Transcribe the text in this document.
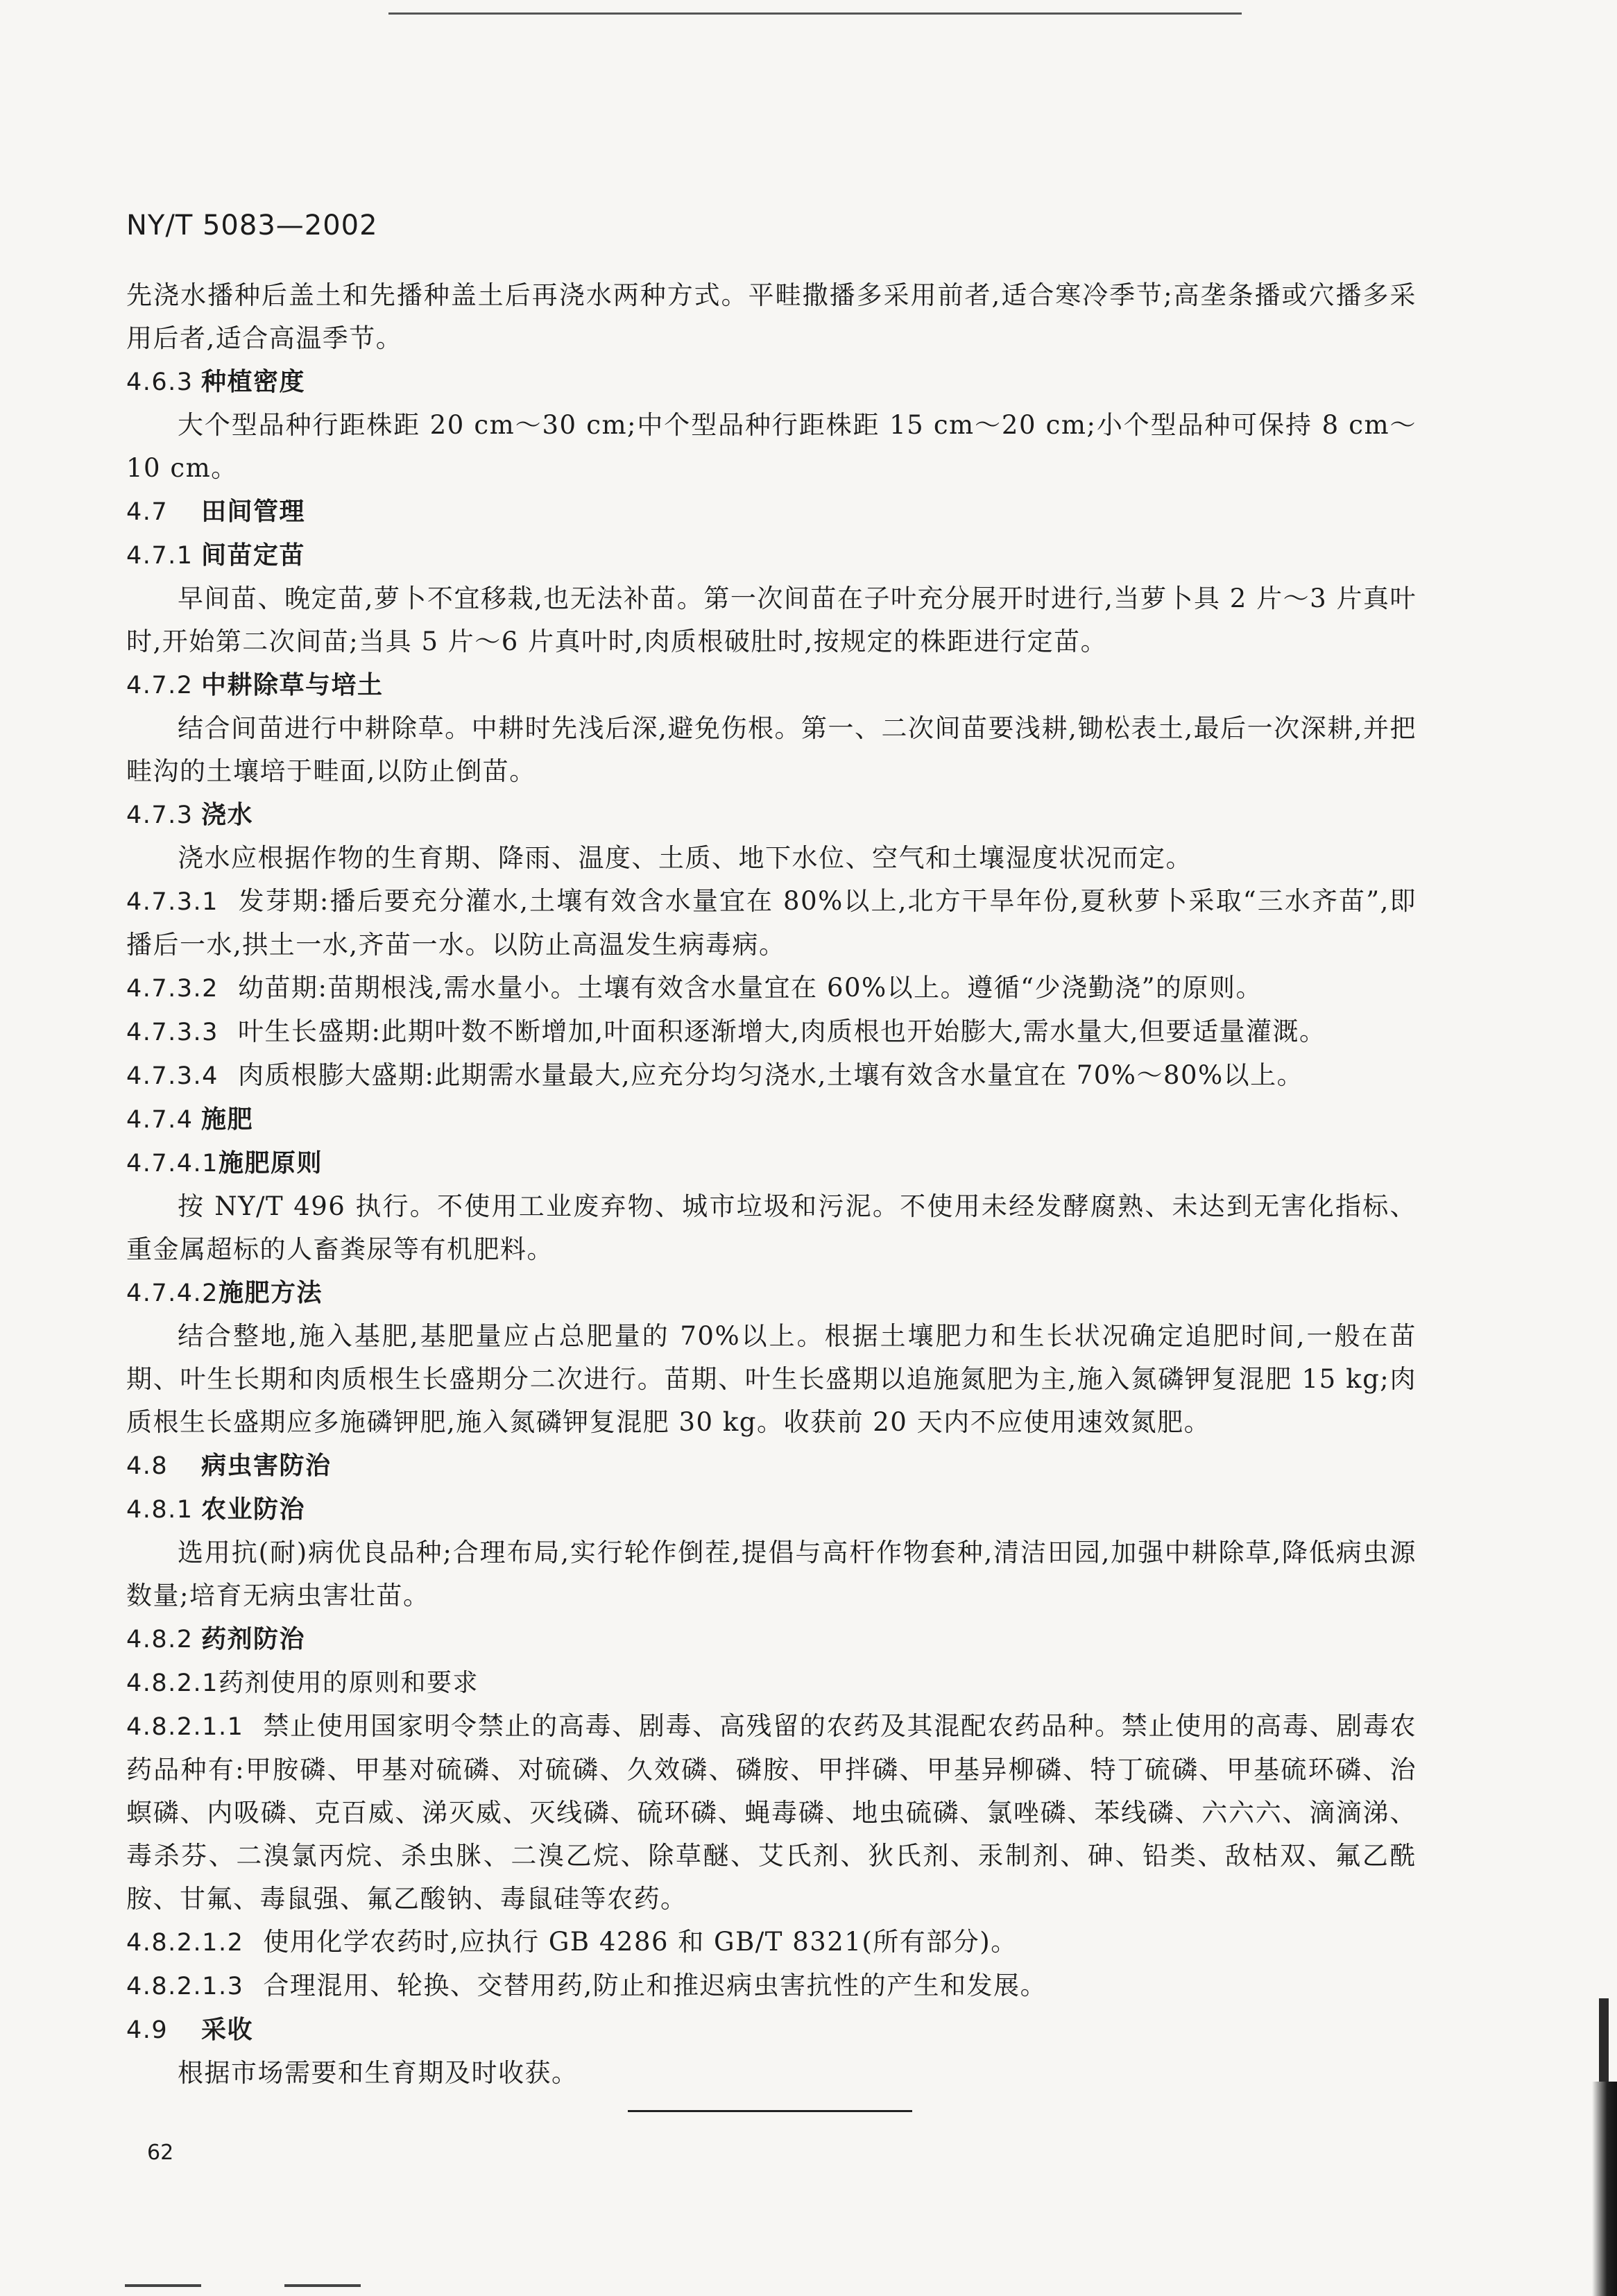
NY/T 5083—2002

先浇水播种后盖土和先播种盖土后再浇水两种方式。平畦撒播多采用前者,适合寒冷季节;高垄条播或穴播多采用后者,适合高温季节。

4.6.3 种植密度

大个型品种行距株距 20 cm～30 cm;中个型品种行距株距 15 cm～20 cm;小个型品种可保持 8 cm～10 cm。

4.7 田间管理

4.7.1 间苗定苗

早间苗、晚定苗,萝卜不宜移栽,也无法补苗。第一次间苗在子叶充分展开时进行,当萝卜具 2 片～3 片真叶时,开始第二次间苗;当具 5 片～6 片真叶时,肉质根破肚时,按规定的株距进行定苗。

4.7.2 中耕除草与培土

结合间苗进行中耕除草。中耕时先浅后深,避免伤根。第一、二次间苗要浅耕,锄松表土,最后一次深耕,并把畦沟的土壤培于畦面,以防止倒苗。

4.7.3 浇水

浇水应根据作物的生育期、降雨、温度、土质、地下水位、空气和土壤湿度状况而定。

4.7.3.1 发芽期:播后要充分灌水,土壤有效含水量宜在 80%以上,北方干旱年份,夏秋萝卜采取“三水齐苗”,即播后一水,拱土一水,齐苗一水。以防止高温发生病毒病。

4.7.3.2 幼苗期:苗期根浅,需水量小。土壤有效含水量宜在 60%以上。遵循“少浇勤浇”的原则。

4.7.3.3 叶生长盛期:此期叶数不断增加,叶面积逐渐增大,肉质根也开始膨大,需水量大,但要适量灌溉。

4.7.3.4 肉质根膨大盛期:此期需水量最大,应充分均匀浇水,土壤有效含水量宜在 70%～80%以上。

4.7.4 施肥

4.7.4.1施肥原则

按 NY/T 496 执行。不使用工业废弃物、城市垃圾和污泥。不使用未经发酵腐熟、未达到无害化指标、重金属超标的人畜粪尿等有机肥料。

4.7.4.2施肥方法

结合整地,施入基肥,基肥量应占总肥量的 70%以上。根据土壤肥力和生长状况确定追肥时间,一般在苗期、叶生长期和肉质根生长盛期分二次进行。苗期、叶生长盛期以追施氮肥为主,施入氮磷钾复混肥 15 kg;肉质根生长盛期应多施磷钾肥,施入氮磷钾复混肥 30 kg。收获前 20 天内不应使用速效氮肥。

4.8 病虫害防治

4.8.1 农业防治

选用抗(耐)病优良品种;合理布局,实行轮作倒茬,提倡与高杆作物套种,清洁田园,加强中耕除草,降低病虫源数量;培育无病虫害壮苗。

4.8.2 药剂防治

4.8.2.1药剂使用的原则和要求

4.8.2.1.1 禁止使用国家明令禁止的高毒、剧毒、高残留的农药及其混配农药品种。禁止使用的高毒、剧毒农药品种有:甲胺磷、甲基对硫磷、对硫磷、久效磷、磷胺、甲拌磷、甲基异柳磷、特丁硫磷、甲基硫环磷、治螟磷、内吸磷、克百威、涕灭威、灭线磷、硫环磷、蝇毒磷、地虫硫磷、氯唑磷、苯线磷、六六六、滴滴涕、毒杀芬、二溴氯丙烷、杀虫脒、二溴乙烷、除草醚、艾氏剂、狄氏剂、汞制剂、砷、铅类、敌枯双、氟乙酰胺、甘氟、毒鼠强、氟乙酸钠、毒鼠硅等农药。

4.8.2.1.2 使用化学农药时,应执行 GB 4286 和 GB/T 8321(所有部分)。

4.8.2.1.3 合理混用、轮换、交替用药,防止和推迟病虫害抗性的产生和发展。

4.9 采收

根据市场需要和生育期及时收获。

62
